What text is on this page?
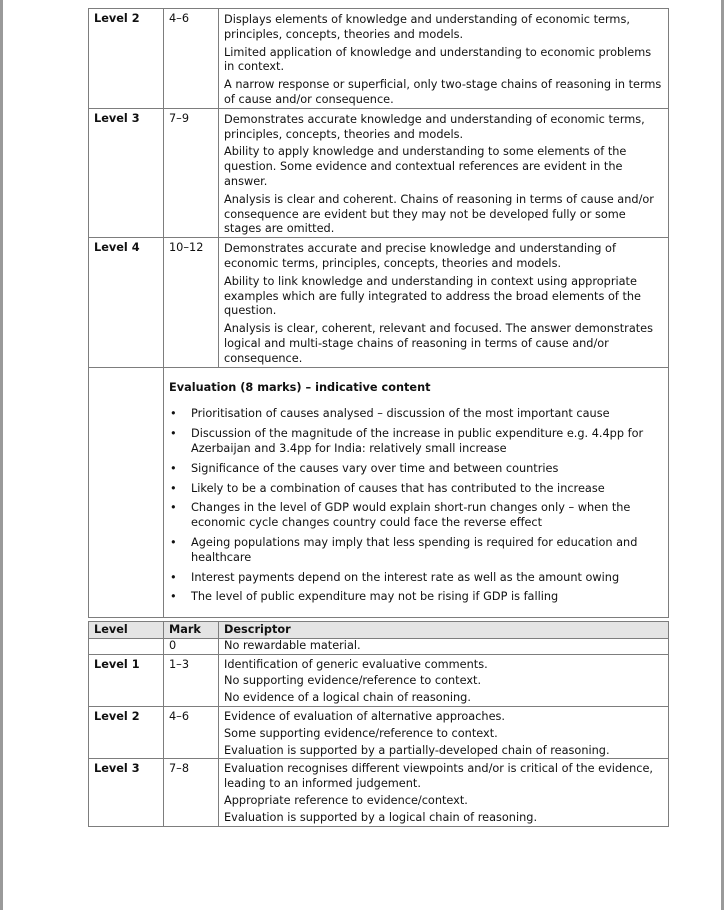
Level 2	4–6	Displays elements of knowledge and understanding of economic terms, principles, concepts, theories and models.

Limited application of knowledge and understanding to economic problems in context.

A narrow response or superficial, only two-stage chains of reasoning in terms of cause and/or consequence.

Level 3	7–9	Demonstrates accurate knowledge and understanding of economic terms, principles, concepts, theories and models.

Ability to apply knowledge and understanding to some elements of the question. Some evidence and contextual references are evident in the answer.

Analysis is clear and coherent. Chains of reasoning in terms of cause and/or consequence are evident but they may not be developed fully or some stages are omitted.

Level 4	10–12	Demonstrates accurate and precise knowledge and understanding of economic terms, principles, concepts, theories and models.

Ability to link knowledge and understanding in context using appropriate examples which are fully integrated to address the broad elements of the question.

Analysis is clear, coherent, relevant and focused. The answer demonstrates logical and multi-stage chains of reasoning in terms of cause and/or consequence.

Evaluation (8 marks) – indicative content

• Prioritisation of causes analysed – discussion of the most important cause
• Discussion of the magnitude of the increase in public expenditure e.g. 4.4pp for Azerbaijan and 3.4pp for India: relatively small increase
• Significance of the causes vary over time and between countries
• Likely to be a combination of causes that has contributed to the increase
• Changes in the level of GDP would explain short-run changes only – when the economic cycle changes country could face the reverse effect
• Ageing populations may imply that less spending is required for education and healthcare
• Interest payments depend on the interest rate as well as the amount owing
• The level of public expenditure may not be rising if GDP is falling
Level	Mark	Descriptor
	0	No rewardable material.

Level 1	1–3	Identification of generic evaluative comments.

No supporting evidence/reference to context.

No evidence of a logical chain of reasoning.

Level 2	4–6	Evidence of evaluation of alternative approaches.

Some supporting evidence/reference to context.

Evaluation is supported by a partially-developed chain of reasoning.

Level 3	7–8	Evaluation recognises different viewpoints and/or is critical of the evidence, leading to an informed judgement.

Appropriate reference to evidence/context.

Evaluation is supported by a logical chain of reasoning.
